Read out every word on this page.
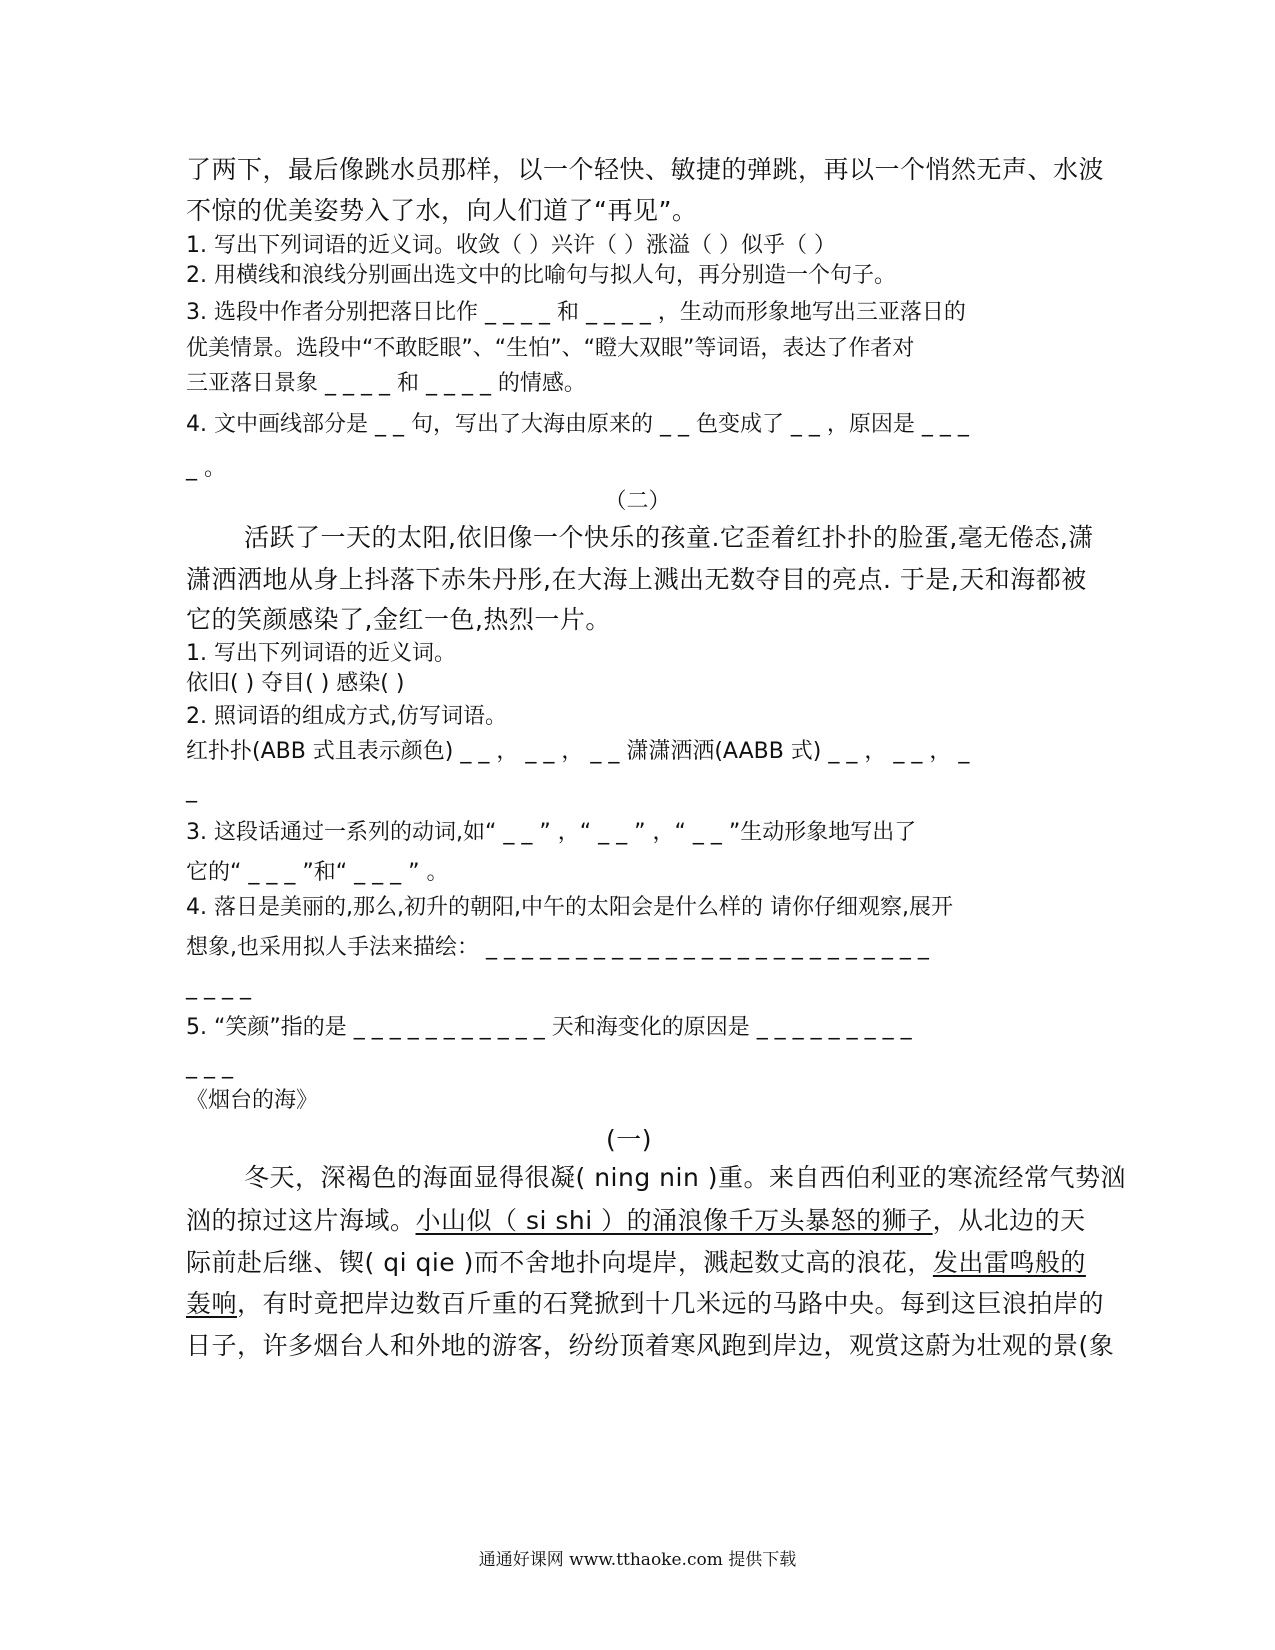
了两下，最后像跳水员那样，以一个轻快、敏捷的弹跳，再以一个悄然无声、水波
不惊的优美姿势入了水，向人们道了“再见”。
1. 写出下列词语的近义词。收敛（ ）兴许（ ）涨溢（ ）似乎（ ）
2. 用横线和浪线分别画出选文中的比喻句与拟人句，再分别造一个句子。
3. 选段中作者分别把落日比作 _ _ _ _ 和 _ _ _ _ ，生动而形象地写出三亚落日的
优美情景。选段中“不敢眨眼”、“生怕”、“瞪大双眼”等词语，表达了作者对
三亚落日景象 _ _ _ _ 和 _ _ _ _ 的情感。
4. 文中画线部分是 _ _ 句，写出了大海由原来的 _ _ 色变成了 _ _ ，原因是 _ _ _
_ 。
（二）
活跃了一天的太阳,依旧像一个快乐的孩童.它歪着红扑扑的脸蛋,毫无倦态,潇
潇洒洒地从身上抖落下赤朱丹彤,在大海上溅出无数夺目的亮点. 于是,天和海都被
它的笑颜感染了,金红一色,热烈一片。
1. 写出下列词语的近义词。
依旧( ) 夺目( ) 感染( )
2. 照词语的组成方式,仿写词语。
红扑扑(ABB 式且表示颜色) _ _ ， _ _ ， _ _ 潇潇洒洒(AABB 式) _ _ ， _ _ ， _
_
3. 这段话通过一系列的动词,如“ _ _ ” ，“ _ _ ” ，“ _ _ ”生动形象地写出了
它的“ _ _ _ ”和“ _ _ _ ” 。
4. 落日是美丽的,那么,初升的朝阳,中午的太阳会是什么样的 请你仔细观察,展开
想象,也采用拟人手法来描绘： _ _ _ _ _ _ _ _ _ _ _ _ _ _ _ _ _ _ _ _ _ _ _ _ _
_ _ _ _
5. “笑颜”指的是 _ _ _ _ _ _ _ _ _ _ _ 天和海变化的原因是 _ _ _ _ _ _ _ _ _
_ _ _
《烟台的海》
(一)
冬天，深褐色的海面显得很凝( ning nin )重。来自西伯利亚的寒流经常气势汹
汹的掠过这片海域。小山似（ si shi ）的涌浪像千万头暴怒的狮子，从北边的天
际前赴后继、锲( qi qie )而不舍地扑向堤岸，溅起数丈高的浪花，发出雷鸣般的
轰响，有时竟把岸边数百斤重的石凳掀到十几米远的马路中央。每到这巨浪拍岸的
日子，许多烟台人和外地的游客，纷纷顶着寒风跑到岸边，观赏这蔚为壮观的景(象
通通好课网 www.tthaoke.com 提供下载
